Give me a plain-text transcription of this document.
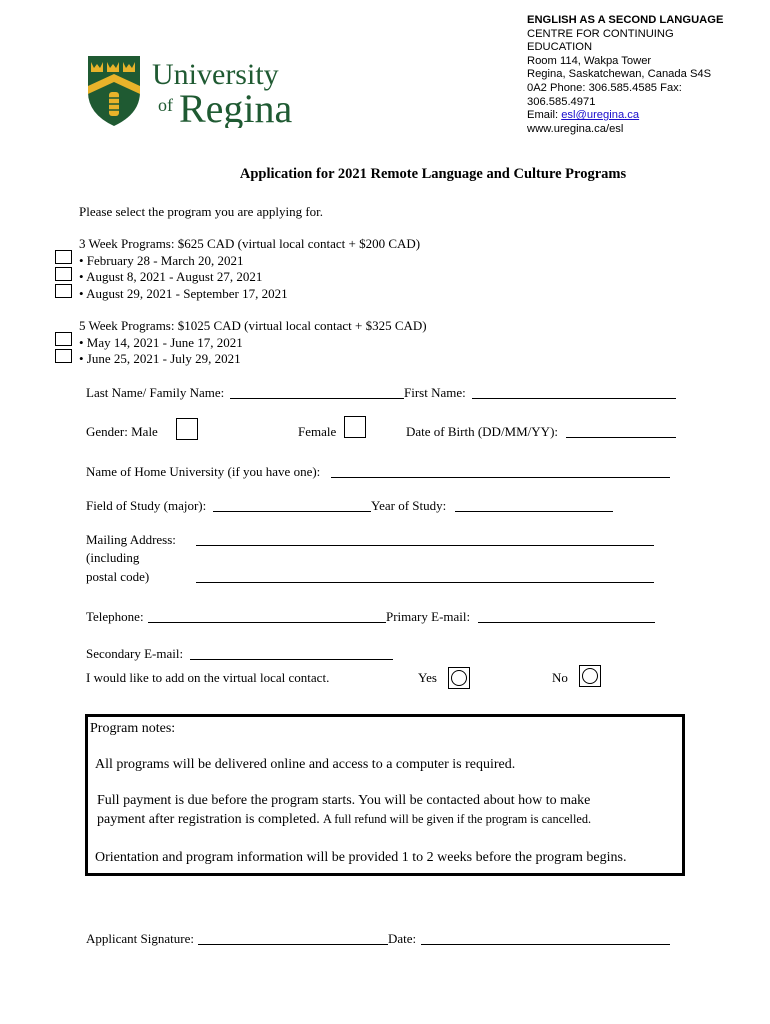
ENGLISH AS A SECOND LANGUAGE
CENTRE FOR CONTINUING
EDUCATION
Room 114, Wakpa Tower
Regina, Saskatchewan, Canada S4S
0A2 Phone: 306.585.4585 Fax:
306.585.4971
Email: esl@uregina.ca
www.uregina.ca/esl
University
of Regina
Application for 2021 Remote Language and Culture Programs
Please select the program you are applying for.
3 Week Programs: $625 CAD (virtual local contact + $200 CAD)
• February 28 - March 20, 2021
• August 8, 2021 - August 27, 2021
• August 29, 2021 - September 17, 2021
5 Week Programs: $1025 CAD (virtual local contact + $325 CAD)
• May 14, 2021 - June 17, 2021
• June 25, 2021 - July 29, 2021
Last Name/ Family Name:	First Name:
Gender: Male	Female	Date of Birth (DD/MM/YY):
Name of Home University (if you have one):
Field of Study (major):	Year of Study:
Mailing Address:
(including
postal code)
Telephone:	Primary E-mail:
Secondary E-mail:
I would like to add on the virtual local contact.	Yes	No
Program notes:
All programs will be delivered online and access to a computer is required.
Full payment is due before the program starts. You will be contacted about how to make
payment after registration is completed. A full refund will be given if the program is cancelled.
Orientation and program information will be provided 1 to 2 weeks before the program begins.
Applicant Signature:	Date:
